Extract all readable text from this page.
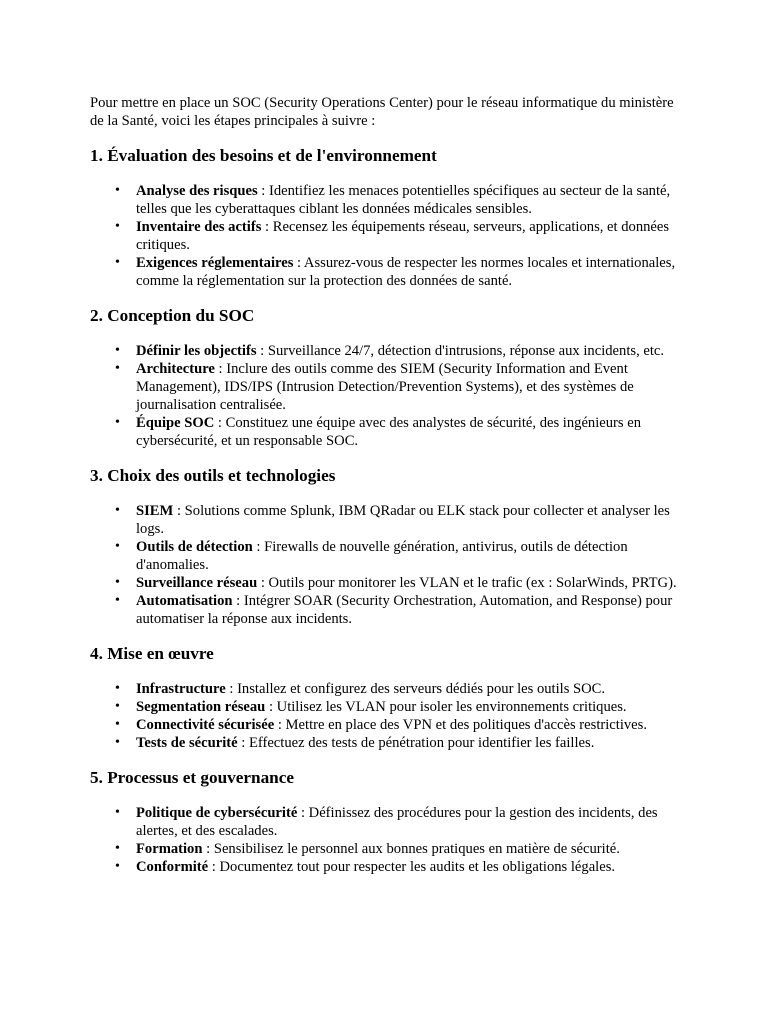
Pour mettre en place un SOC (Security Operations Center) pour le réseau informatique du ministère de la Santé, voici les étapes principales à suivre :

1. Évaluation des besoins et de l'environnement
• Analyse des risques : Identifiez les menaces potentielles spécifiques au secteur de la santé, telles que les cyberattaques ciblant les données médicales sensibles.
• Inventaire des actifs : Recensez les équipements réseau, serveurs, applications, et données critiques.
• Exigences réglementaires : Assurez-vous de respecter les normes locales et internationales, comme la réglementation sur la protection des données de santé.
2. Conception du SOC
• Définir les objectifs : Surveillance 24/7, détection d'intrusions, réponse aux incidents, etc.
• Architecture : Inclure des outils comme des SIEM (Security Information and Event Management), IDS/IPS (Intrusion Detection/Prevention Systems), et des systèmes de journalisation centralisée.
• Équipe SOC : Constituez une équipe avec des analystes de sécurité, des ingénieurs en cybersécurité, et un responsable SOC.
3. Choix des outils et technologies
• SIEM : Solutions comme Splunk, IBM QRadar ou ELK stack pour collecter et analyser les logs.
• Outils de détection : Firewalls de nouvelle génération, antivirus, outils de détection d'anomalies.
• Surveillance réseau : Outils pour monitorer les VLAN et le trafic (ex : SolarWinds, PRTG).
• Automatisation : Intégrer SOAR (Security Orchestration, Automation, and Response) pour automatiser la réponse aux incidents.
4. Mise en œuvre
• Infrastructure : Installez et configurez des serveurs dédiés pour les outils SOC.
• Segmentation réseau : Utilisez les VLAN pour isoler les environnements critiques.
• Connectivité sécurisée : Mettre en place des VPN et des politiques d'accès restrictives.
• Tests de sécurité : Effectuez des tests de pénétration pour identifier les failles.
5. Processus et gouvernance
• Politique de cybersécurité : Définissez des procédures pour la gestion des incidents, des alertes, et des escalades.
• Formation : Sensibilisez le personnel aux bonnes pratiques en matière de sécurité.
• Conformité : Documentez tout pour respecter les audits et les obligations légales.
